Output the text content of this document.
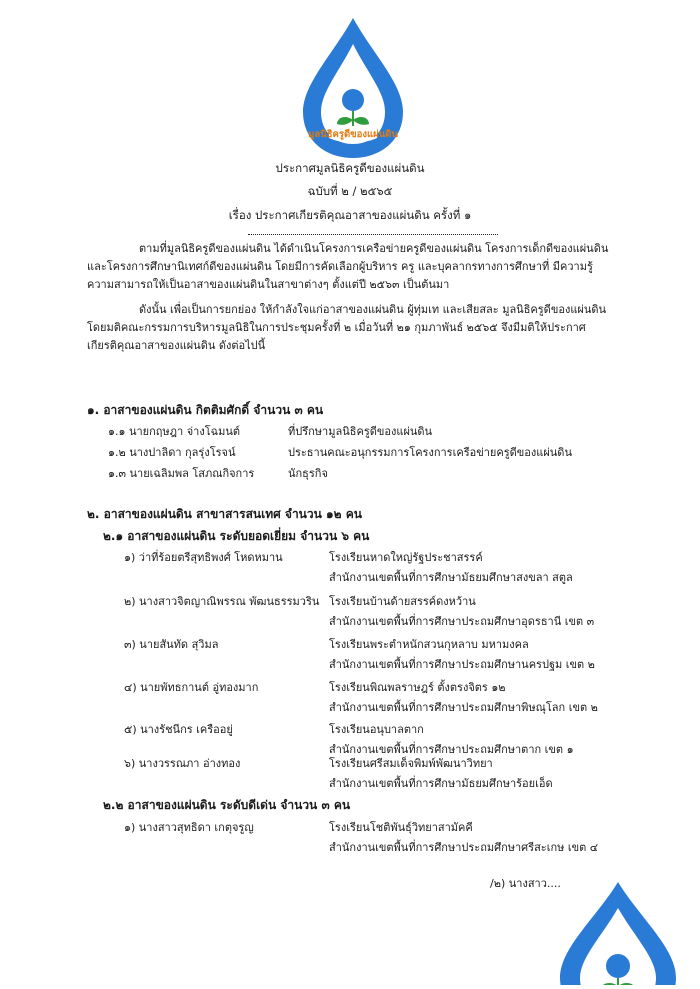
มูลนิธิครูดีของแผ่นดิน
ประกาศมูลนิธิครูดีของแผ่นดิน
ฉบับที่ ๒ / ๒๕๖๕
เรื่อง ประกาศเกียรติคุณอาสาของแผ่นดิน ครั้งที่ ๑
ตามที่มูลนิธิครูดีของแผ่นดิน ได้ดำเนินโครงการเครือข่ายครูดีของแผ่นดิน โครงการเด็กดีของแผ่นดิน
และโครงการศึกษานิเทศก์ดีของแผ่นดิน โดยมีการคัดเลือกผู้บริหาร ครู และบุคลากรทางการศึกษาที่ มีความรู้
ความสามารถให้เป็นอาสาของแผ่นดินในสาขาต่างๆ ตั้งแต่ปี ๒๕๖๓ เป็นต้นมา
ดังนั้น เพื่อเป็นการยกย่อง ให้กำลังใจแก่อาสาของแผ่นดิน ผู้ทุ่มเท และเสียสละ มูลนิธิครูดีของแผ่นดิน
โดยมติคณะกรรมการบริหารมูลนิธิในการประชุมครั้งที่ ๒ เมื่อวันที่ ๒๑ กุมภาพันธ์ ๒๕๖๕ จึงมีมติให้ประกาศ
เกียรติคุณอาสาของแผ่นดิน ดังต่อไปนี้
๑. อาสาของแผ่นดิน กิตติมศักดิ์ จำนวน ๓ คน
๑.๑ นายกฤษฎา จ่างโฉมนต์	ที่ปรึกษามูลนิธิครูดีของแผ่นดิน
๑.๒ นางปาลิดา กุลรุ่งโรจน์	ประธานคณะอนุกรรมการโครงการเครือข่ายครูดีของแผ่นดิน
๑.๓ นายเฉลิมพล โสภณกิจการ	นักธุรกิจ
๒. อาสาของแผ่นดิน สาขาสารสนเทศ จำนวน ๑๒ คน
๒.๑ อาสาของแผ่นดิน ระดับยอดเยี่ยม จำนวน ๖ คน
๑) ว่าที่ร้อยตรีสุทธิพงศ์ โหดหมาน	โรงเรียนหาดใหญ่รัฐประชาสรรค์
สำนักงานเขตพื้นที่การศึกษามัธยมศึกษาสงขลา สตูล
๒) นางสาวจิตญาณิพรรณ พัฒนธรรมวริน โรงเรียนบ้านด้ายสรรค์ดงหว้าน
สำนักงานเขตพื้นที่การศึกษาประถมศึกษาอุดรธานี เขต ๓
๓) นายสันทัด สุวิมล	โรงเรียนพระตำหนักสวนกุหลาบ มหามงคล
สำนักงานเขตพื้นที่การศึกษาประถมศึกษานครปฐม เขต ๒
๔) นายพัทธกานต์ อู่ทองมาก	โรงเรียนพิณพลราษฎร์ ตั้งตรงจิตร ๑๒
สำนักงานเขตพื้นที่การศึกษาประถมศึกษาพิษณุโลก เขต ๒
๕) นางรัชนีกร เครืออยู่	โรงเรียนอนุบาลตาก
สำนักงานเขตพื้นที่การศึกษาประถมศึกษาตาก เขต ๑
๖) นางวรรณภา อ่างทอง	โรงเรียนศรีสมเด็จพิมพ์พัฒนาวิทยา
สำนักงานเขตพื้นที่การศึกษามัธยมศึกษาร้อยเอ็ด
๒.๒ อาสาของแผ่นดิน ระดับดีเด่น จำนวน ๓ คน
๑) นางสาวสุทธิดา เกตุจรูญ	โรงเรียนโชติพันธุ์วิทยาสามัคคี
สำนักงานเขตพื้นที่การศึกษาประถมศึกษาศรีสะเกษ เขต ๔
/๒) นางสาว....
